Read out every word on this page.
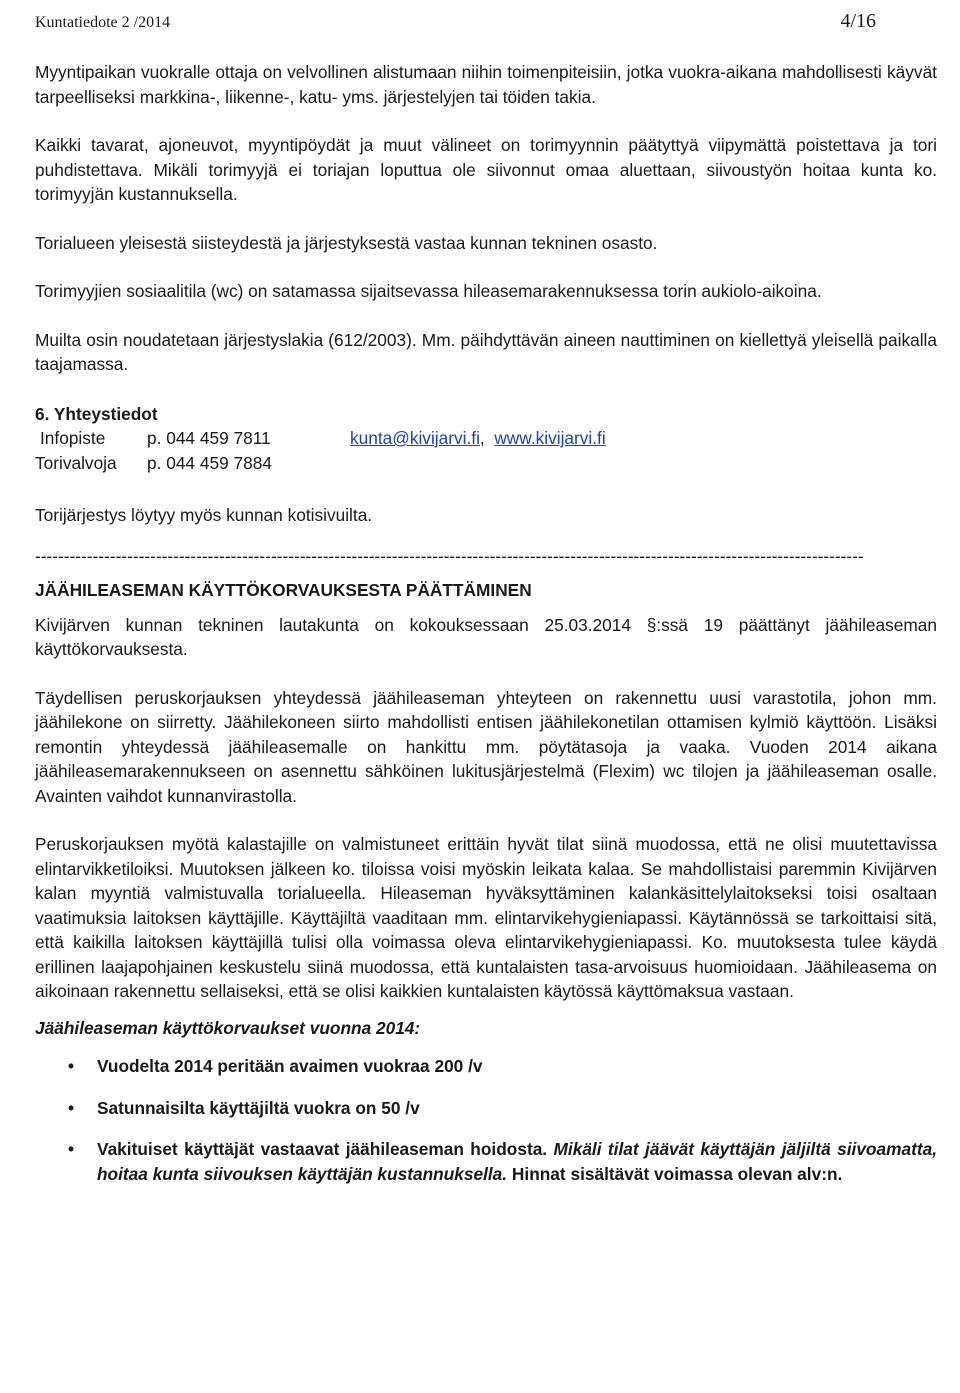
Kuntatiedote 2 /2014	4/16

Myyntipaikan vuokralle ottaja on velvollinen alistumaan niihin toimenpiteisiin, jotka vuokra-aikana mahdollisesti käyvät tarpeelliseksi markkina-, liikenne-, katu- yms. järjestelyjen tai töiden takia.

Kaikki tavarat, ajoneuvot, myyntipöydät ja muut välineet on torimyynnin päätyttyä viipymättä poistettava ja tori puhdistettava. Mikäli torimyyjä ei toriajan loputtua ole siivonnut omaa aluettaan, siivoustyön hoitaa kunta ko. torimyyjän kustannuksella.

Torialueen yleisestä siisteydestä ja järjestyksestä vastaa kunnan tekninen osasto.

Torimyyjien sosiaalitila (wc) on satamassa sijaitsevassa hileasemarakennuksessa torin aukiolo-aikoina.

Muilta osin noudatetaan järjestyslakia (612/2003). Mm. päihdyttävän aineen nauttiminen on kiellettyä yleisellä paikalla taajamassa.

6. Yhteystiedot

Infopiste	p. 044 459 7811	kunta@kivijarvi.fi, www.kivijarvi.fi
Torivalvoja	p. 044 459 7884

Torijärjestys löytyy myös kunnan kotisivuilta.

------------------------------------------------------------------------------------------------------------------------------------------------

JÄÄHILEASEMAN KÄYTTÖKORVAUKSESTA PÄÄTTÄMINEN

Kivijärven kunnan tekninen lautakunta on kokouksessaan 25.03.2014 §:ssä 19 päättänyt jäähileaseman käyttökorvauksesta.

Täydellisen peruskorjauksen yhteydessä jäähileaseman yhteyteen on rakennettu uusi varastotila, johon mm. jäähilekone on siirretty. Jäähilekoneen siirto mahdollisti entisen jäähilekonetilan ottamisen kylmiö käyttöön. Lisäksi remontin yhteydessä jäähileasemalle on hankittu mm. pöytätasoja ja vaaka. Vuoden 2014 aikana jäähileasemarakennukseen on asennettu sähköinen lukitusjärjestelmä (Flexim) wc tilojen ja jäähileaseman osalle. Avainten vaihdot kunnanvirastolla.

Peruskorjauksen myötä kalastajille on valmistuneet erittäin hyvät tilat siinä muodossa, että ne olisi muutettavissa elintarvikketiloiksi. Muutoksen jälkeen ko. tiloissa voisi myöskin leikata kalaa. Se mahdollistaisi paremmin Kivijärven kalan myyntiä valmistuvalla torialueella. Hileaseman hyväksyttäminen kalankäsittelylaitokseksi toisi osaltaan vaatimuksia laitoksen käyttäjille. Käyttäjiltä vaaditaan mm. elintarvikehygieniapassi. Käytännössä se tarkoittaisi sitä, että kaikilla laitoksen käyttäjillä tulisi olla voimassa oleva elintarvikehygieniapassi. Ko. muutoksesta tulee käydä erillinen laajapohjainen keskustelu siinä muodossa, että kuntalaisten tasa-arvoisuus huomioidaan. Jäähileasema on aikoinaan rakennettu sellaiseksi, että se olisi kaikkien kuntalaisten käytössä käyttömaksua vastaan.

Jäähileaseman käyttökorvaukset vuonna 2014:

• Vuodelta 2014 peritään avaimen vuokraa 200 /v
• Satunnaisilta käyttäjiltä vuokra on 50 /v
• Vakituiset käyttäjät vastaavat jäähileaseman hoidosta. Mikäli tilat jäävät käyttäjän jäljiltä siivoamatta, hoitaa kunta siivouksen käyttäjän kustannuksella. Hinnat sisältävät voimassa olevan alv:n.
